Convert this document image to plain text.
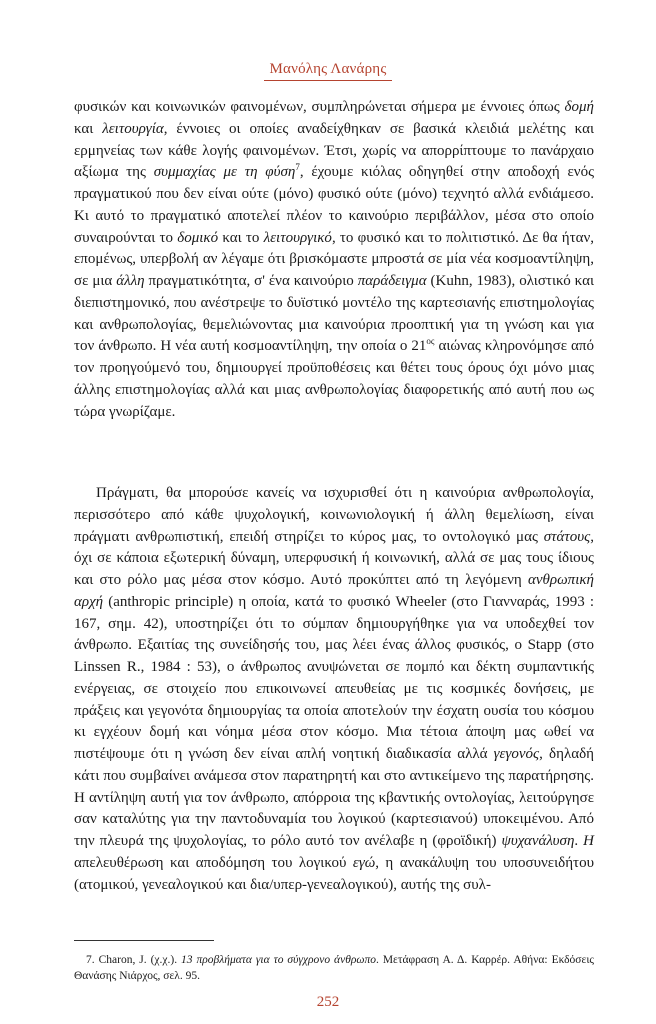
Μανόλης Λανάρης
φυσικών και κοινωνικών φαινομένων, συμπληρώνεται σήμερα με έννοιες όπως δομή και λειτουργία, έννοιες οι οποίες αναδείχθηκαν σε βασικά κλειδιά μελέτης και ερμηνείας των κάθε λογής φαινομένων. Έτσι, χωρίς να απορρίπτουμε το πανάρχαιο αξίωμα της συμμαχίας με τη φύση$^7$, έχουμε κιόλας οδηγηθεί στην αποδοχή ενός πραγματικού που δεν είναι ούτε (μόνο) φυσικό ούτε (μόνο) τεχνητό αλλά ενδιάμεσο. Κι αυτό το πραγματικό αποτελεί πλέον το καινούριο περιβάλλον, μέσα στο οποίο συναιρούνται το δομικό και το λειτουργικό, το φυσικό και το πολιτιστικό. Δε θα ήταν, επομένως, υπερβολή αν λέγαμε ότι βρισκόμαστε μπροστά σε μία νέα κοσμοαντίληψη, σε μια άλλη πραγματικότητα, σ' ένα καινούριο παράδειγμα (Kuhn, 1983), ολιστικό και διεπιστημονικό, που ανέστρεψε το δυϊστικό μοντέλο της καρτεσιανής επιστημολογίας και ανθρωπολογίας, θεμελιώνοντας μια καινούρια προοπτική για τη γνώση και για τον άνθρωπο. Η νέα αυτή κοσμοαντίληψη, την οποία ο $21^{o\varsigma}$ αιώνας κληρονόμησε από τον προηγούμενό του, δημιουργεί προϋποθέσεις και θέτει τους όρους όχι μόνο μιας άλλης επιστημολογίας αλλά και μιας ανθρωπολογίας διαφορετικής από αυτή που ως τώρα γνωρίζαμε.
Πράγματι, θα μπορούσε κανείς να ισχυρισθεί ότι η καινούρια ανθρωπολογία, περισσότερο από κάθε ψυχολογική, κοινωνιολογική ή άλλη θεμελίωση, είναι πράγματι ανθρωπιστική, επειδή στηρίζει το κύρος μας, το οντολογικό μας στάτους, όχι σε κάποια εξωτερική δύναμη, υπερφυσική ή κοινωνική, αλλά σε μας τους ίδιους και στο ρόλο μας μέσα στον κόσμο. Αυτό προκύπτει από τη λεγόμενη ανθρωπική αρχή (anthropic principle) η οποία, κατά το φυσικό Wheeler (στο Γιανναράς, 1993 : 167, σημ. 42), υποστηρίζει ότι το σύμπαν δημιουργήθηκε για να υποδεχθεί τον άνθρωπο. Εξαιτίας της συνείδησής του, μας λέει ένας άλλος φυσικός, ο Stapp (στο Linssen R., 1984 : 53), ο άνθρωπος ανυψώνεται σε πομπό και δέκτη συμπαντικής ενέργειας, σε στοιχείο που επικοινωνεί απευθείας με τις κοσμικές δονήσεις, με πράξεις και γεγονότα δημιουργίας τα οποία αποτελούν την έσχατη ουσία του κόσμου κι εγχέουν δομή και νόημα μέσα στον κόσμο. Μια τέτοια άποψη μας ωθεί να πιστέψουμε ότι η γνώση δεν είναι απλή νοητική διαδικασία αλλά γεγονός, δηλαδή κάτι που συμβαίνει ανάμεσα στον παρατηρητή και στο αντικείμενο της παρατήρησης. Η αντίληψη αυτή για τον άνθρωπο, απόρροια της κβαντικής οντολογίας, λειτούργησε σαν καταλύτης για την παντοδυναμία του λογικού (καρτεσιανού) υποκειμένου. Από την πλευρά της ψυχολογίας, το ρόλο αυτό τον ανέλαβε η (φροϊδική) ψυχανάλυση. Η απελευθέρωση και αποδόμηση του λογικού εγώ, η ανακάλυψη του υποσυνειδήτου (ατομικού, γενεαλογικού και δια/υπερ-γενεαλογικού), αυτής της συλ-
7. Charon, J. (χ.χ.). 13 προβλήματα για το σύγχρονο άνθρωπο. Μετάφραση Α. Δ. Καρρέρ. Αθήνα: Εκδόσεις Θανάσης Νιάρχος, σελ. 95.
252
